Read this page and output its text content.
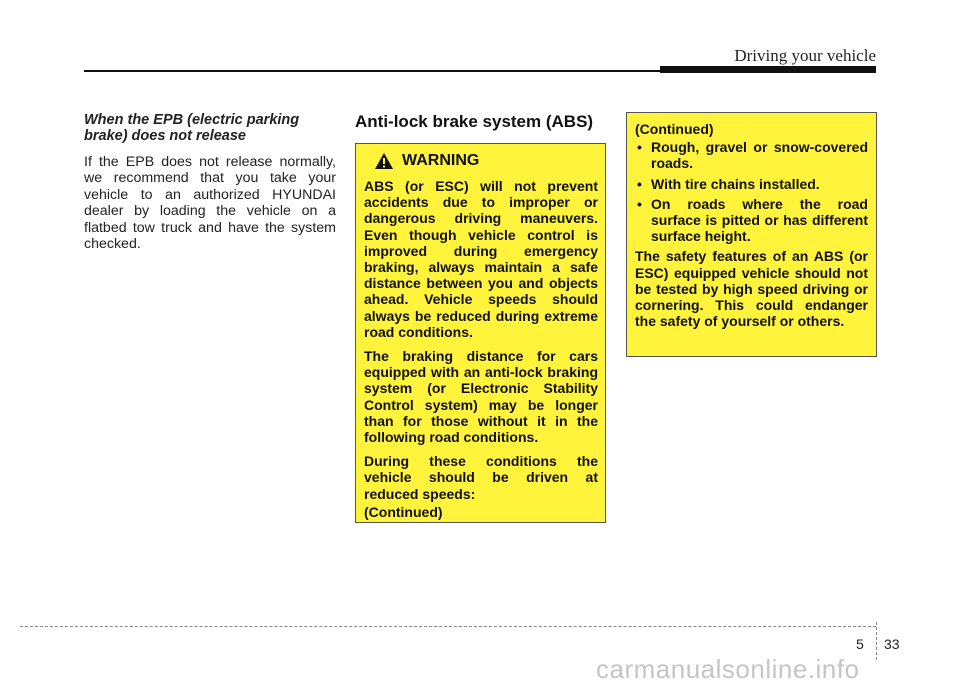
Driving your vehicle

When the EPB (electric parking brake) does not release

If the EPB does not release normally, we recommend that you take your vehicle to an authorized HYUNDAI dealer by loading the vehicle on a flatbed tow truck and have the system checked.

Anti-lock brake system (ABS)
WARNING

ABS (or ESC) will not prevent accidents due to improper or dangerous driving maneuvers. Even though vehicle control is improved during emergency braking, always maintain a safe distance between you and objects ahead. Vehicle speeds should always be reduced during extreme road conditions.

The braking distance for cars equipped with an anti-lock braking system (or Electronic Stability Control system) may be longer than for those without it in the following road conditions.

During these conditions the vehicle should be driven at reduced speeds:

(Continued)

(Continued)

• Rough, gravel or snow-covered roads.
• With tire chains installed.
• On roads where the road surface is pitted or has different surface height.

The safety features of an ABS (or ESC) equipped vehicle should not be tested by high speed driving or cornering. This could endanger the safety of yourself or others.

5 33
carmanualsonline.info
